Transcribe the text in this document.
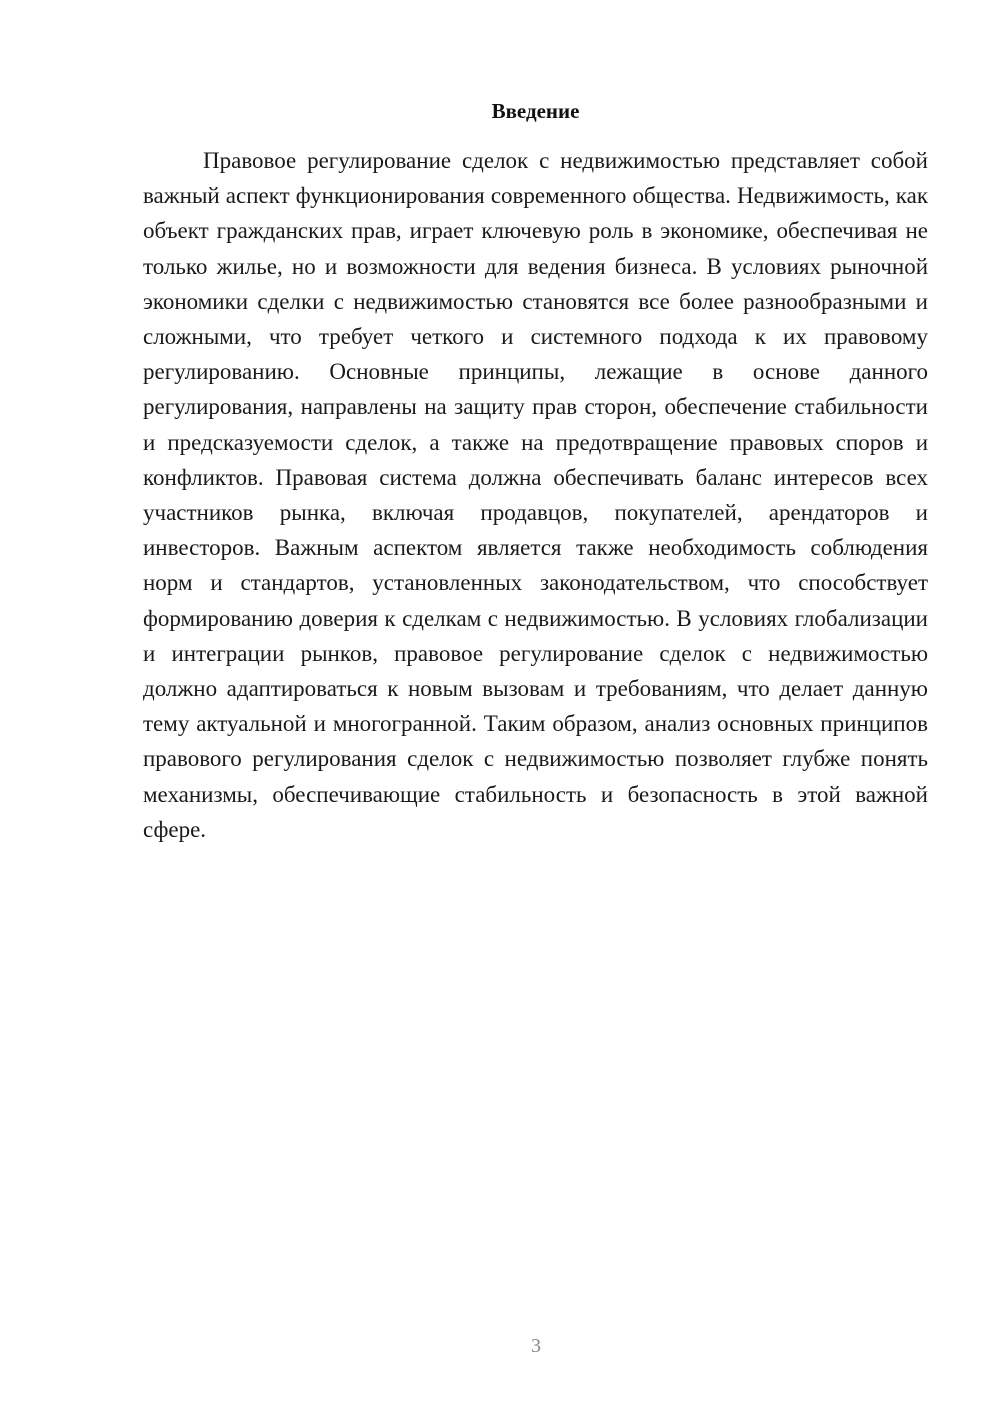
Введение

Правовое регулирование сделок с недвижимостью представляет собой важный аспект функционирования современного общества. Недвижимость, как объект гражданских прав, играет ключевую роль в экономике, обеспечивая не только жилье, но и возможности для ведения бизнеса. В условиях рыночной экономики сделки с недвижимостью становятся все более разнообразными и сложными, что требует четкого и системного подхода к их правовому регулированию. Основные принципы, лежащие в основе данного регулирования, направлены на защиту прав сторон, обеспечение стабильности и предсказуемости сделок, а также на предотвращение правовых споров и конфликтов. Правовая система должна обеспечивать баланс интересов всех участников рынка, включая продавцов, покупателей, арендаторов и инвесторов. Важным аспектом является также необходимость соблюдения норм и стандартов, установленных законодательством, что способствует формированию доверия к сделкам с недвижимостью. В условиях глобализации и интеграции рынков, правовое регулирование сделок с недвижимостью должно адаптироваться к новым вызовам и требованиям, что делает данную тему актуальной и многогранной. Таким образом, анализ основных принципов правового регулирования сделок с недвижимостью позволяет глубже понять механизмы, обеспечивающие стабильность и безопасность в этой важной сфере.

3
